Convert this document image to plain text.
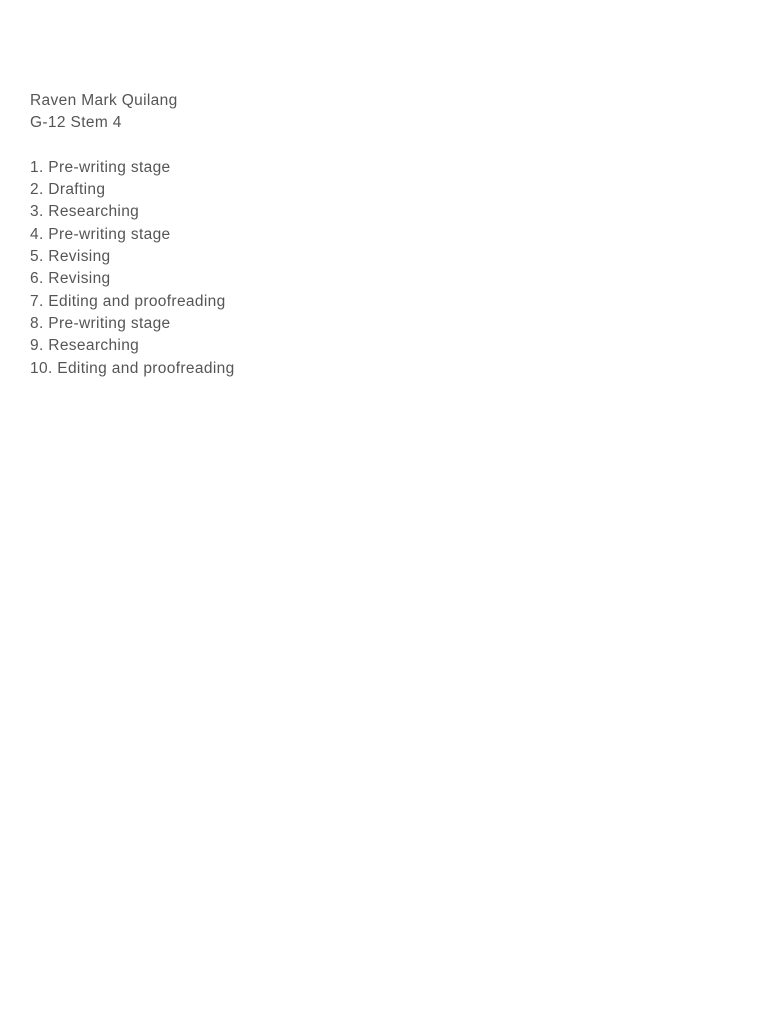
Raven Mark Quilang
G-12 Stem 4
1. Pre-writing stage
2. Drafting
3. Researching
4. Pre-writing stage
5. Revising
6. Revising
7. Editing and proofreading
8. Pre-writing stage
9. Researching
10. Editing and proofreading
